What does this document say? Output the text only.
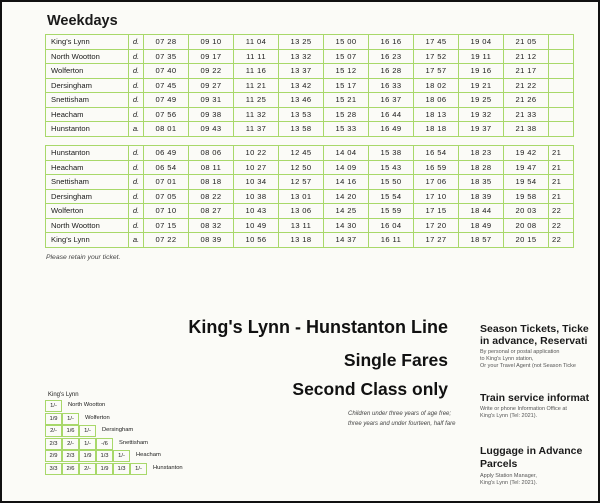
Weekdays
King's Lynn	d.	07 28	09 10	11 04	13 25	15 00	16 16	17 45	19 04	21 05	
North Wootton	d.	07 35	09 17	11 11	13 32	15 07	16 23	17 52	19 11	21 12	
Wolferton	d.	07 40	09 22	11 16	13 37	15 12	16 28	17 57	19 16	21 17	
Dersingham	d.	07 45	09 27	11 21	13 42	15 17	16 33	18 02	19 21	21 22	
Snettisham	d.	07 49	09 31	11 25	13 46	15 21	16 37	18 06	19 25	21 26	
Heacham	d.	07 56	09 38	11 32	13 53	15 28	16 44	18 13	19 32	21 33	
Hunstanton	a.	08 01	09 43	11 37	13 58	15 33	16 49	18 18	19 37	21 38	
Hunstanton	d.	06 49	08 06	10 22	12 45	14 04	15 38	16 54	18 23	19 42	21
Heacham	d.	06 54	08 11	10 27	12 50	14 09	15 43	16 59	18 28	19 47	21
Snettisham	d.	07 01	08 18	10 34	12 57	14 16	15 50	17 06	18 35	19 54	21
Dersingham	d.	07 05	08 22	10 38	13 01	14 20	15 54	17 10	18 39	19 58	21
Wolferton	d.	07 10	08 27	10 43	13 06	14 25	15 59	17 15	18 44	20 03	22
North Wootton	d.	07 15	08 32	10 49	13 11	14 30	16 04	17 20	18 49	20 08	22
King's Lynn	a.	07 22	08 39	10 56	13 18	14 37	16 11	17 27	18 57	20 15	22
Please retain your ticket.
King's Lynn - Hunstanton Line
Single Fares
Second Class only
Children under three years of age free; three years and under fourteen, half fare
Season Tickets, Ticke
in advance, Reservati
By personal or postal application
to King's Lynn station,
Or your Travel Agent (not Season Ticke
Train service informat
Write or phone Information Office at
King's Lynn (Tel: 2021).
Luggage in Advance
Parcels
Apply Station Manager,
King's Lynn (Tel: 2021).
King's Lynn
1/-	North Wootton
1/9	1/-	Wolferton
2/-	1/6	1/-	Dersingham
2/3	2/-	1/-	-/6	Snettisham
2/9	2/3	1/9	1/3	1/-	Heacham
3/3	2/6	2/-	1/9	1/3	1/-	Hunstanton
